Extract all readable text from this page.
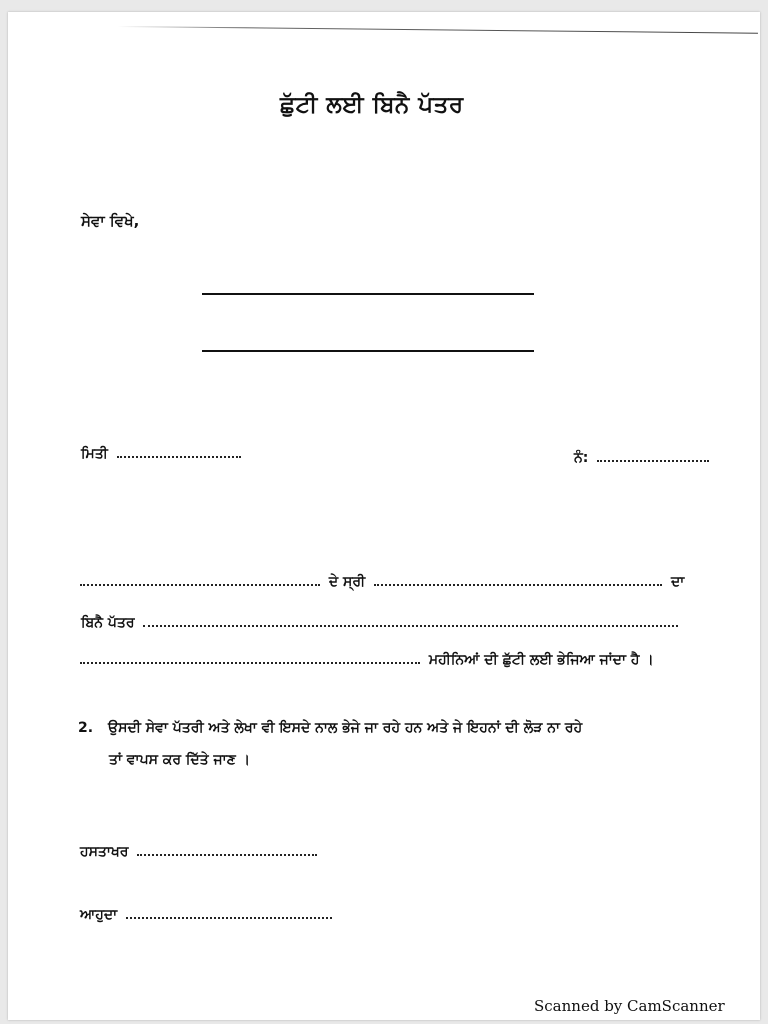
ਛੁੱਟੀ ਲਈ ਬਿਨੈ ਪੱਤਰ
ਸੇਵਾ ਵਿਖੇ,
ਮਿਤੀ	ਨੰ:
ਦੇ ਸ੍ਰੀ	ਦਾ
ਬਿਨੈ ਪੱਤਰ
ਮਹੀਨਿਆਂ ਦੀ ਛੁੱਟੀ ਲਈ ਭੇਜਿਆ ਜਾਂਦਾ ਹੈ ।
2. ਉਸਦੀ ਸੇਵਾ ਪੱਤਰੀ ਅਤੇ ਲੇਖਾ ਵੀ ਇਸਦੇ ਨਾਲ ਭੇਜੇ ਜਾ ਰਹੇ ਹਨ ਅਤੇ ਜੇ ਇਹਨਾਂ ਦੀ ਲੋੜ ਨਾ ਰਹੇ
ਤਾਂ ਵਾਪਸ ਕਰ ਦਿੱਤੇ ਜਾਣ ।
ਹਸਤਾਖਰ
ਆਹੁਦਾ
Scanned by CamScanner
